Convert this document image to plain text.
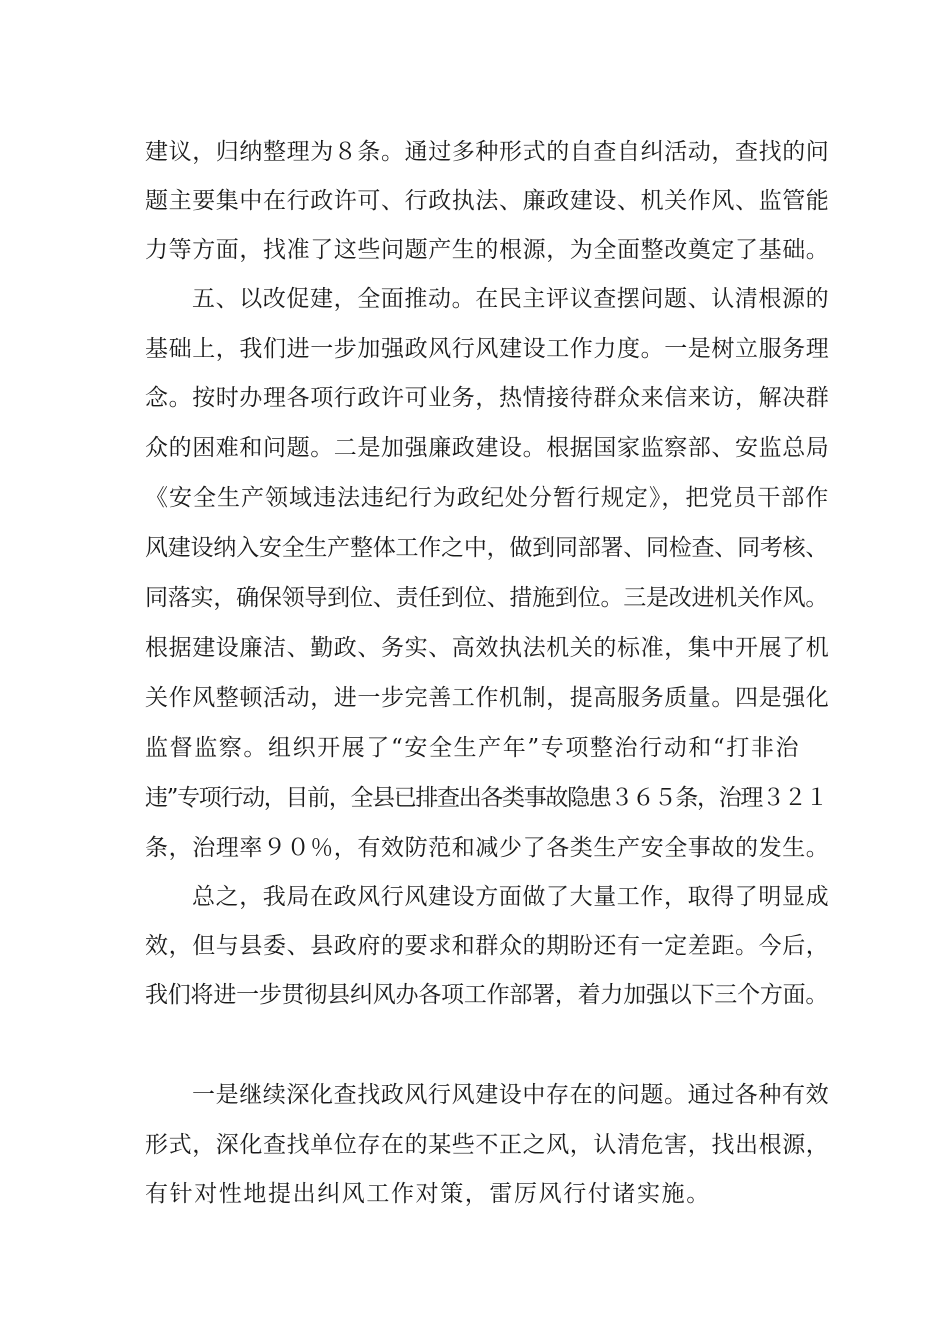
建议，归纳整理为８条。通过多种形式的自查自纠活动，查找的问

题主要集中在行政许可、行政执法、廉政建设、机关作风、监管能

力等方面，找准了这些问题产生的根源，为全面整改奠定了基础。

五、以改促建，全面推动。在民主评议查摆问题、认清根源的

基础上，我们进一步加强政风行风建设工作力度。一是树立服务理

念。按时办理各项行政许可业务，热情接待群众来信来访，解决群

众的困难和问题。二是加强廉政建设。根据国家监察部、安监总局

《安全生产领域违法违纪行为政纪处分暂行规定》，把党员干部作

风建设纳入安全生产整体工作之中，做到同部署、同检查、同考核、

同落实，确保领导到位、责任到位、措施到位。三是改进机关作风。

根据建设廉洁、勤政、务实、高效执法机关的标准，集中开展了机

关作风整顿活动，进一步完善工作机制，提高服务质量。四是强化

监督监察。组织开展了“安全生产年”专项整治行动和“打非治

违”专项行动，目前，全县已排查出各类事故隐患３６５条，治理３２１

条，治理率９０％，有效防范和减少了各类生产安全事故的发生。

总之，我局在政风行风建设方面做了大量工作，取得了明显成

效，但与县委、县政府的要求和群众的期盼还有一定差距。今后，

我们将进一步贯彻县纠风办各项工作部署，着力加强以下三个方面。

一是继续深化查找政风行风建设中存在的问题。通过各种有效

形式，深化查找单位存在的某些不正之风，认清危害，找出根源，

有针对性地提出纠风工作对策，雷厉风行付诸实施。
